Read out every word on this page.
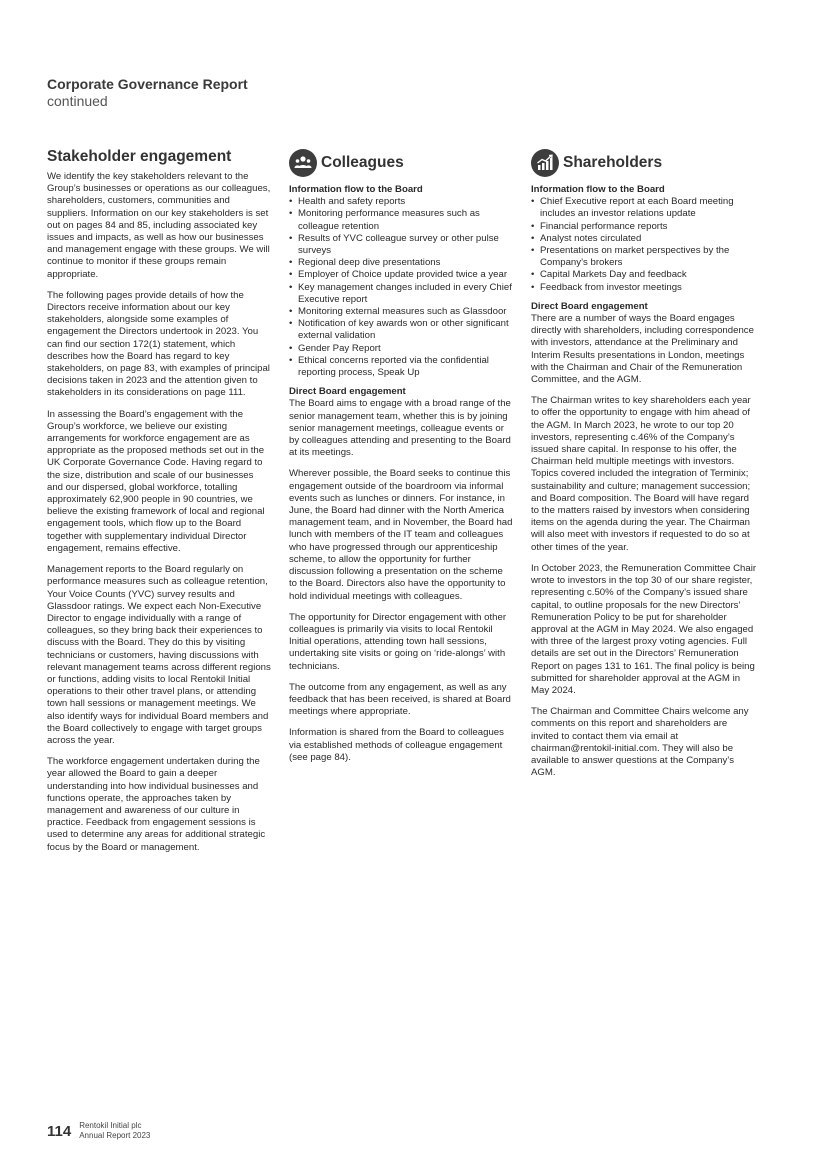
Corporate Governance Report
continued
Stakeholder engagement

We identify the key stakeholders relevant to the Group’s businesses or operations as our colleagues, shareholders, customers, communities and suppliers. Information on our key stakeholders is set out on pages 84 and 85, including associated key issues and impacts, as well as how our businesses and management engage with these groups. We will continue to monitor if these groups remain appropriate.

The following pages provide details of how the Directors receive information about our key stakeholders, alongside some examples of engagement the Directors undertook in 2023. You can find our section 172(1) statement, which describes how the Board has regard to key stakeholders, on page 83, with examples of principal decisions taken in 2023 and the attention given to stakeholders in its considerations on page 111.

In assessing the Board’s engagement with the Group’s workforce, we believe our existing arrangements for workforce engagement are as appropriate as the proposed methods set out in the UK Corporate Governance Code. Having regard to the size, distribution and scale of our businesses and our dispersed, global workforce, totalling approximately 62,900 people in 90 countries, we believe the existing framework of local and regional engagement tools, which flow up to the Board together with supplementary individual Director engagement, remains effective.

Management reports to the Board regularly on performance measures such as colleague retention, Your Voice Counts (YVC) survey results and Glassdoor ratings. We expect each Non-Executive Director to engage individually with a range of colleagues, so they bring back their experiences to discuss with the Board. They do this by visiting technicians or customers, having discussions with relevant management teams across different regions or functions, adding visits to local Rentokil Initial operations to their other travel plans, or attending town hall sessions or management meetings. We also identify ways for individual Board members and the Board collectively to engage with target groups across the year.

The workforce engagement undertaken during the year allowed the Board to gain a deeper understanding into how individual businesses and functions operate, the approaches taken by management and awareness of our culture in practice. Feedback from engagement sessions is used to determine any areas for additional strategic focus by the Board or management.

Colleagues
Information flow to the Board
• Health and safety reports
• Monitoring performance measures such as colleague retention
• Results of YVC colleague survey or other pulse surveys
• Regional deep dive presentations
• Employer of Choice update provided twice a year
• Key management changes included in every Chief Executive report
• Monitoring external measures such as Glassdoor
• Notification of key awards won or other significant external validation
• Gender Pay Report
• Ethical concerns reported via the confidential reporting process, Speak Up
Direct Board engagement

The Board aims to engage with a broad range of the senior management team, whether this is by joining senior management meetings, colleague events or by colleagues attending and presenting to the Board at its meetings.

Wherever possible, the Board seeks to continue this engagement outside of the boardroom via informal events such as lunches or dinners. For instance, in June, the Board had dinner with the North America management team, and in November, the Board had lunch with members of the IT team and colleagues who have progressed through our apprenticeship scheme, to allow the opportunity for further discussion following a presentation on the scheme to the Board. Directors also have the opportunity to hold individual meetings with colleagues.

The opportunity for Director engagement with other colleagues is primarily via visits to local Rentokil Initial operations, attending town hall sessions, undertaking site visits or going on ‘ride-alongs’ with technicians.

The outcome from any engagement, as well as any feedback that has been received, is shared at Board meetings where appropriate.

Information is shared from the Board to colleagues via established methods of colleague engagement (see page 84).

Shareholders
Information flow to the Board
• Chief Executive report at each Board meeting includes an investor relations update
• Financial performance reports
• Analyst notes circulated
• Presentations on market perspectives by the Company’s brokers
• Capital Markets Day and feedback
• Feedback from investor meetings
Direct Board engagement

There are a number of ways the Board engages directly with shareholders, including correspondence with investors, attendance at the Preliminary and Interim Results presentations in London, meetings with the Chairman and Chair of the Remuneration Committee, and the AGM.

The Chairman writes to key shareholders each year to offer the opportunity to engage with him ahead of the AGM. In March 2023, he wrote to our top 20 investors, representing c.46% of the Company’s issued share capital. In response to his offer, the Chairman held multiple meetings with investors. Topics covered included the integration of Terminix; sustainability and culture; management succession; and Board composition. The Board will have regard to the matters raised by investors when considering items on the agenda during the year. The Chairman will also meet with investors if requested to do so at other times of the year.

In October 2023, the Remuneration Committee Chair wrote to investors in the top 30 of our share register, representing c.50% of the Company’s issued share capital, to outline proposals for the new Directors’ Remuneration Policy to be put for shareholder approval at the AGM in May 2024. We also engaged with three of the largest proxy voting agencies. Full details are set out in the Directors’ Remuneration Report on pages 131 to 161. The final policy is being submitted for shareholder approval at the AGM in May 2024.

The Chairman and Committee Chairs welcome any comments on this report and shareholders are invited to contact them via email at chairman@rentokil-initial.com. They will also be available to answer questions at the Company’s AGM.

114 Rentokil Initial plc
Annual Report 2023
